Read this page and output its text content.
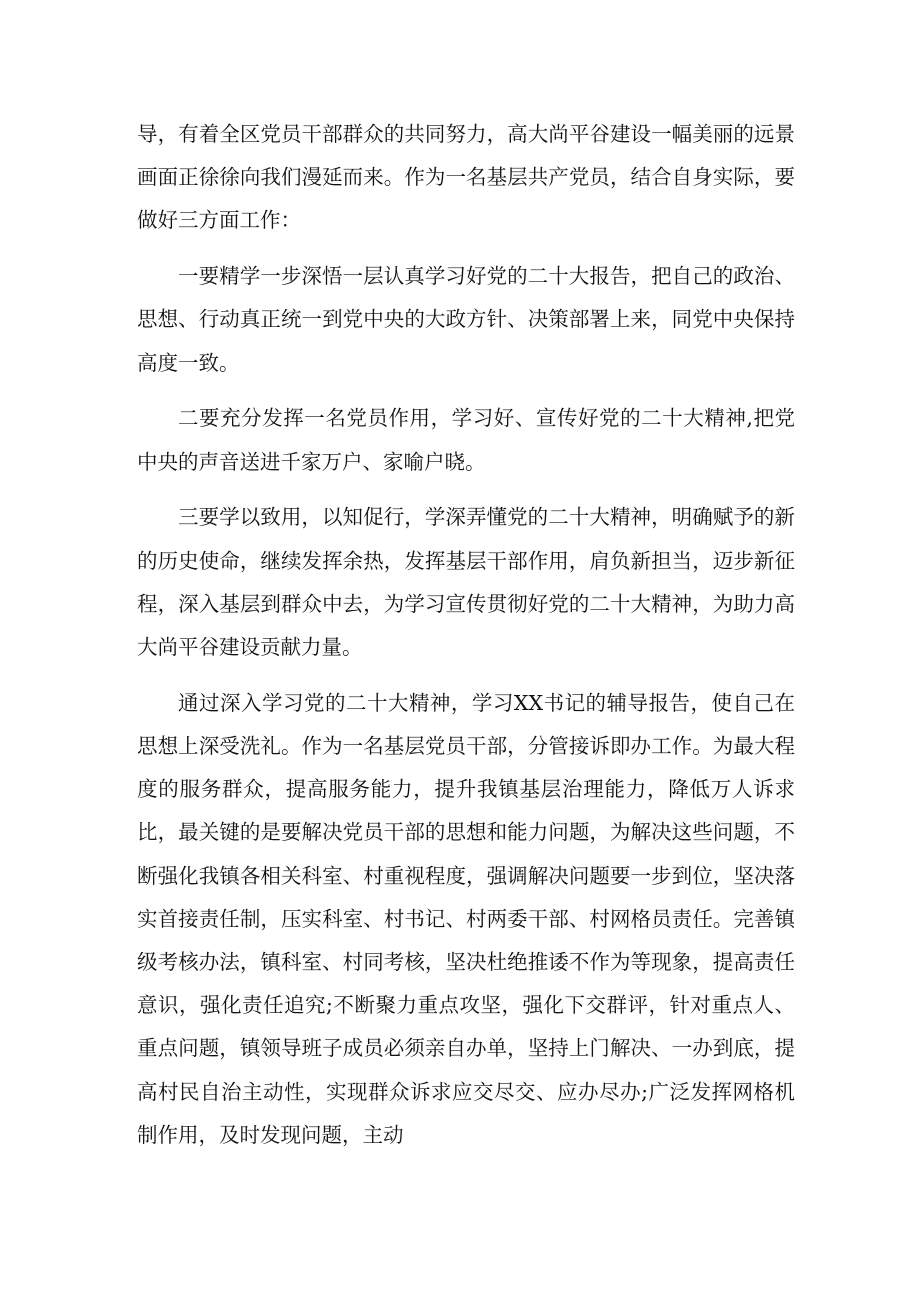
导，有着全区党员干部群众的共同努力，高大尚平谷建设一幅美丽的远景画面正徐徐向我们漫延而来。作为一名基层共产党员，结合自身实际，要做好三方面工作：

一要精学一步深悟一层认真学习好党的二十大报告，把自己的政治、思想、行动真正统一到党中央的大政方针、决策部署上来，同党中央保持高度一致。

二要充分发挥一名党员作用，学习好、宣传好党的二十大精神,把党中央的声音送进千家万户、家喻户晓。

三要学以致用，以知促行，学深弄懂党的二十大精神，明确赋予的新的历史使命，继续发挥余热，发挥基层干部作用，肩负新担当，迈步新征程，深入基层到群众中去，为学习宣传贯彻好党的二十大精神，为助力高大尚平谷建设贡献力量。

通过深入学习党的二十大精神，学习XX书记的辅导报告，使自己在思想上深受洗礼。作为一名基层党员干部，分管接诉即办工作。为最大程度的服务群众，提高服务能力，提升我镇基层治理能力，降低万人诉求比，最关键的是要解决党员干部的思想和能力问题，为解决这些问题，不断强化我镇各相关科室、村重视程度，强调解决问题要一步到位，坚决落实首接责任制，压实科室、村书记、村两委干部、村网格员责任。完善镇级考核办法，镇科室、村同考核，坚决杜绝推诿不作为等现象，提高责任意识，强化责任追究;不断聚力重点攻坚，强化下交群评，针对重点人、重点问题，镇领导班子成员必须亲自办单，坚持上门解决、一办到底，提高村民自治主动性，实现群众诉求应交尽交、应办尽办;广泛发挥网格机制作用，及时发现问题，主动
